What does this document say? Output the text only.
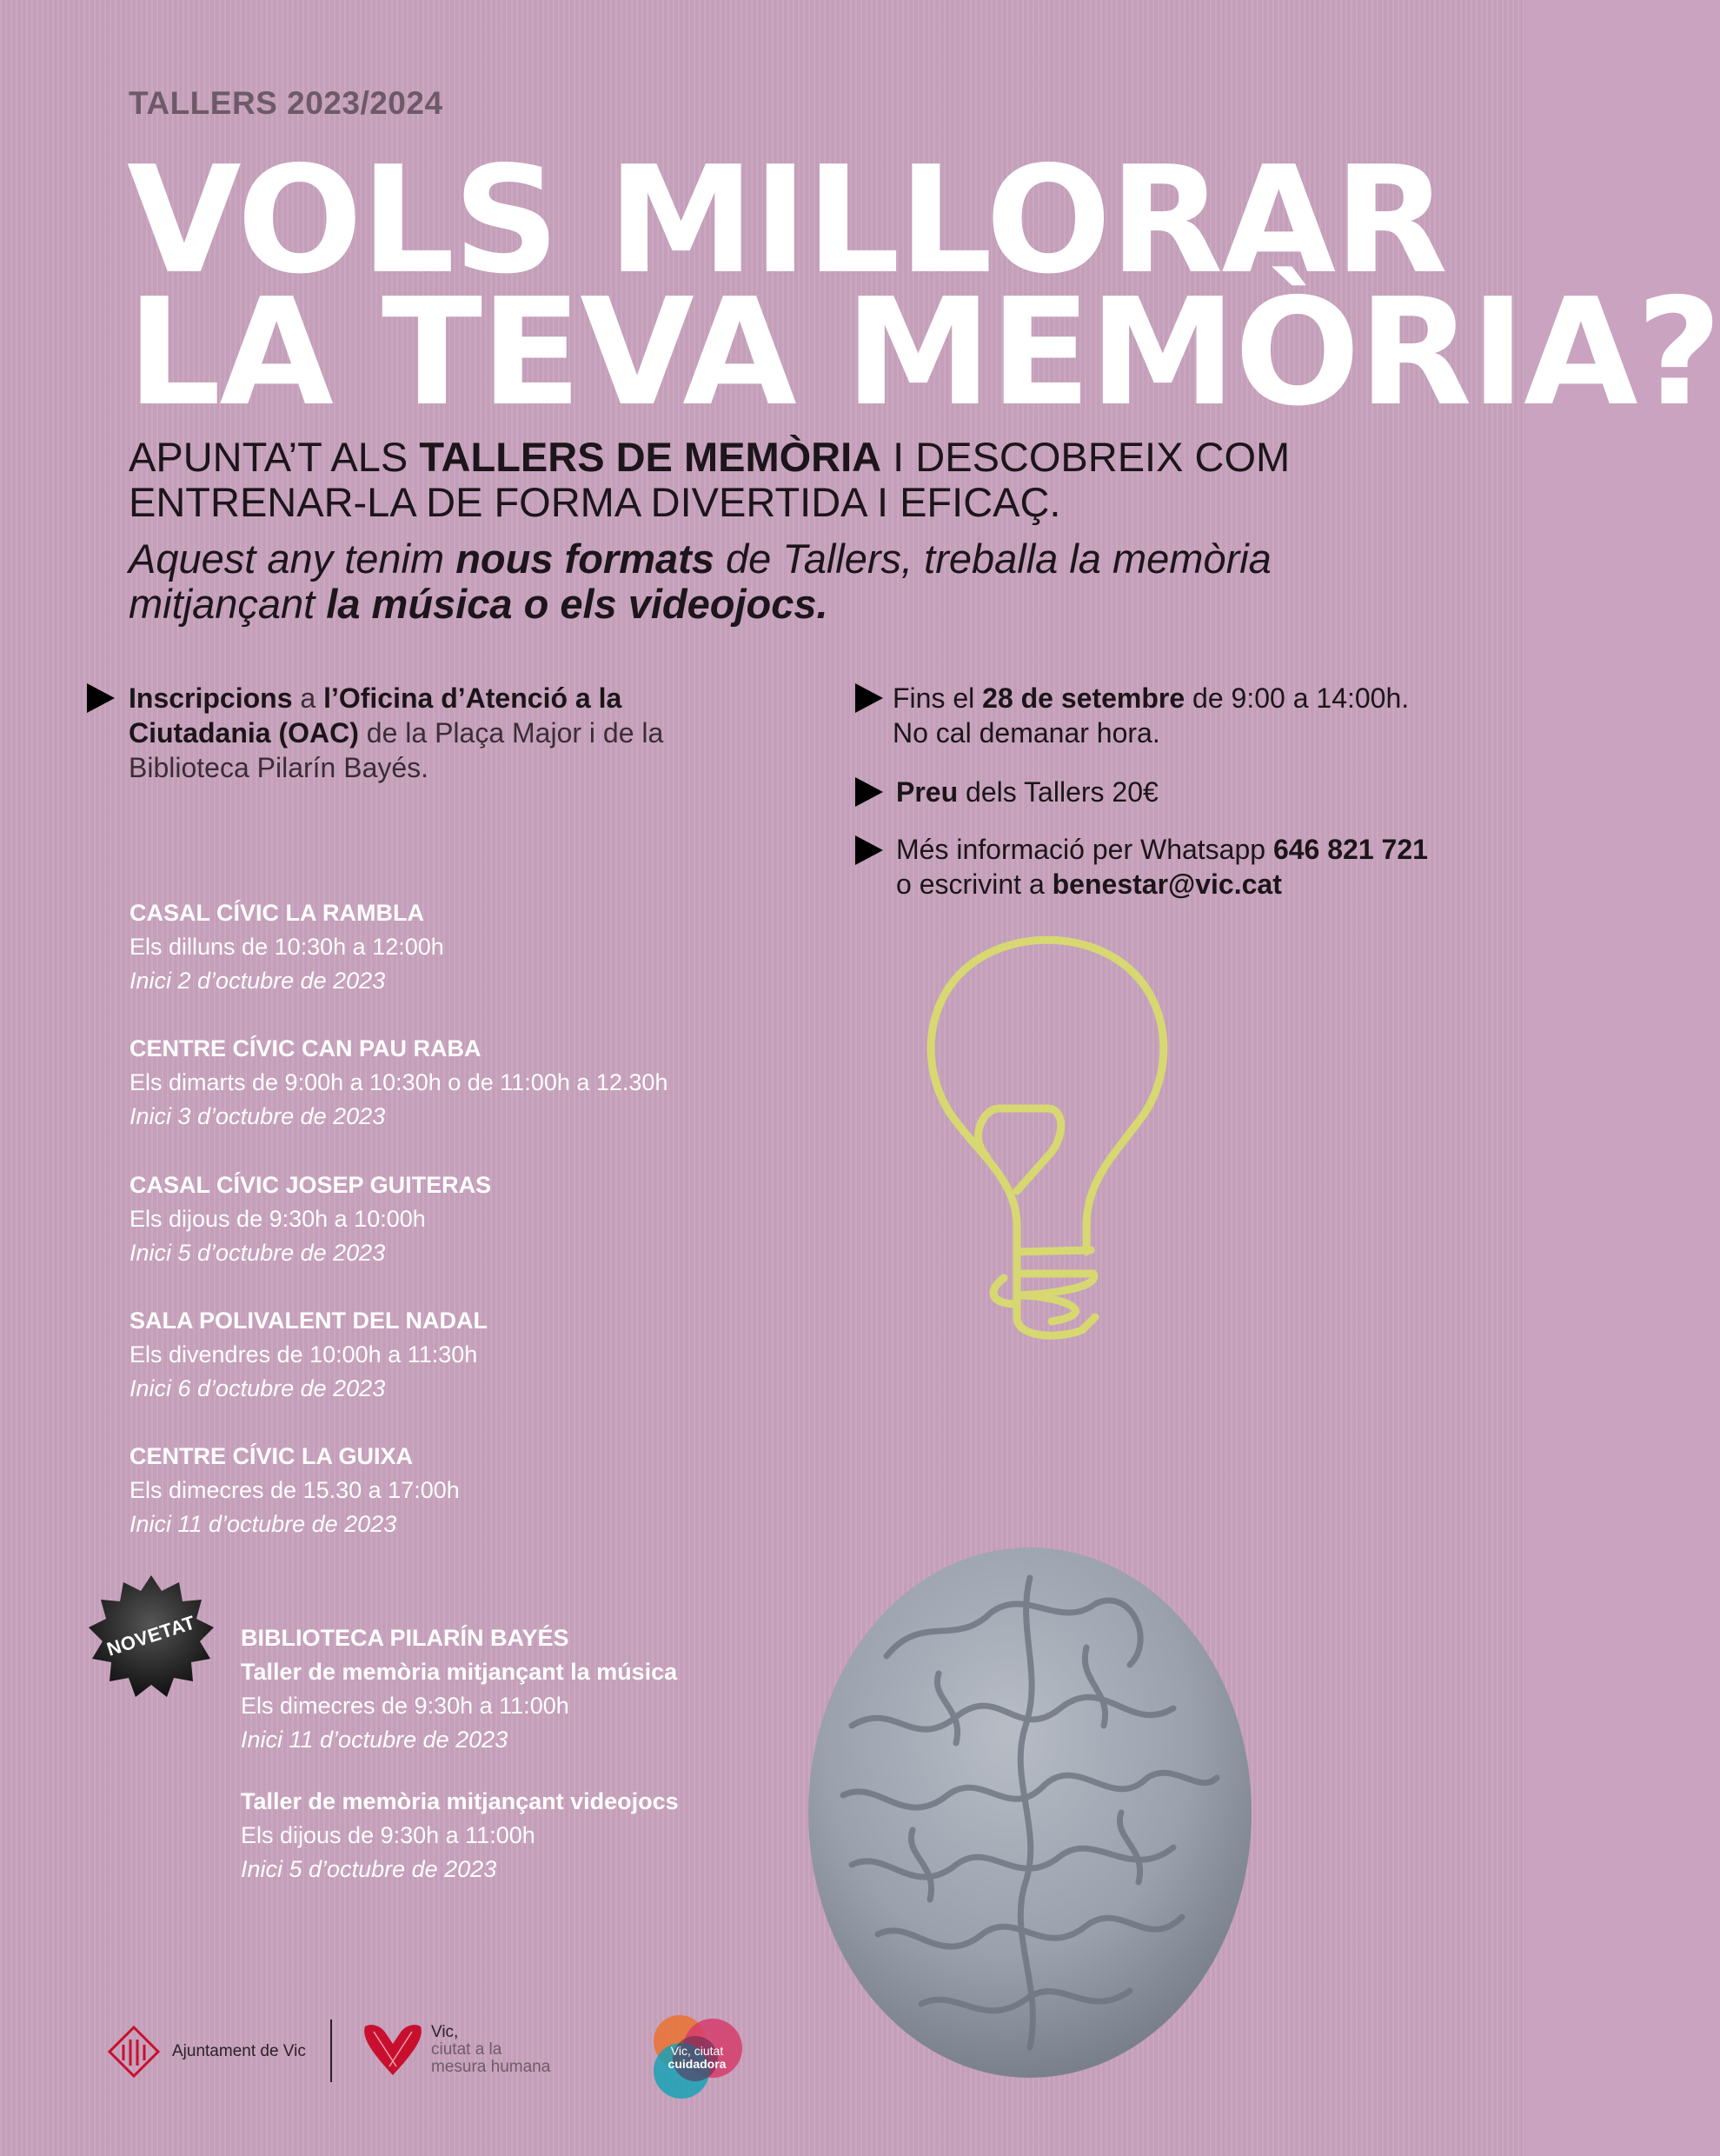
TALLERS 2023/2024
VOLS MILLORAR
LA TEVA MEMÒRIA?
APUNTA’T ALS TALLERS DE MEMÒRIA I DESCOBREIX COM
ENTRENAR-LA DE FORMA DIVERTIDA I EFICAÇ.
Aquest any tenim nous formats de Tallers, treballa la memòria
mitjançant la música o els videojocs.
Inscripcions a l’Oficina d’Atenció a la
Ciutadania (OAC) de la Plaça Major i de la
Biblioteca Pilarín Bayés.
Fins el 28 de setembre de 9:00 a 14:00h.
No cal demanar hora.
Preu dels Tallers 20€
Més informació per Whatsapp 646 821 721
o escrivint a benestar@vic.cat
CASAL CÍVIC LA RAMBLA
Els dilluns de 10:30h a 12:00h
Inici 2 d’octubre de 2023
CENTRE CÍVIC CAN PAU RABA
Els dimarts de 9:00h a 10:30h o de 11:00h a 12.30h
Inici 3 d’octubre de 2023
CASAL CÍVIC JOSEP GUITERAS
Els dijous de 9:30h a 10:00h
Inici 5 d’octubre de 2023
SALA POLIVALENT DEL NADAL
Els divendres de 10:00h a 11:30h
Inici 6 d’octubre de 2023
CENTRE CÍVIC LA GUIXA
Els dimecres de 15.30 a 17:00h
Inici 11 d’octubre de 2023
NOVETAT	BIBLIOTECA PILARÍN BAYÉS
Taller de memòria mitjançant la música
Els dimecres de 9:30h a 11:00h
Inici 11 d’octubre de 2023
Taller de memòria mitjançant videojocs
Els dijous de 9:30h a 11:00h
Inici 5 d’octubre de 2023
Ajuntament de Vic
Vic,
ciutat a la
mesura humana
Vic, ciutat
cuidadora
